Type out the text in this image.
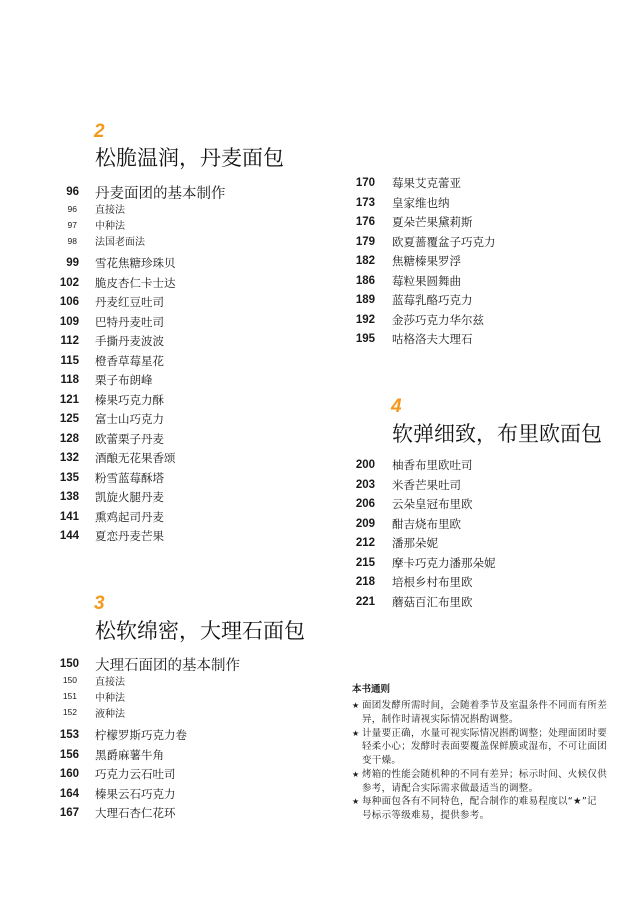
2
松脆温润，丹麦面包
96 丹麦面团的基本制作
96 直接法
97 中种法
98 法国老面法
99 雪花焦糖珍珠贝
102 脆皮杏仁卡士达
106 丹麦红豆吐司
109 巴特丹麦吐司
112 手撕丹麦波波
115 橙香草莓星花
118 栗子布朗峰
121 榛果巧克力酥
125 富士山巧克力
128 欧蕾栗子丹麦
132 酒酿无花果香颂
135 粉雪蓝莓酥塔
138 凯旋火腿丹麦
141 熏鸡起司丹麦
144 夏恋丹麦芒果
3
松软绵密，大理石面包
150 大理石面团的基本制作
150 直接法
151 中种法
152 液种法
153 柠檬罗斯巧克力卷
156 黑爵麻薯牛角
160 巧克力云石吐司
164 榛果云石巧克力
167 大理石杏仁花环
170 莓果艾克蕾亚
173 皇家维也纳
176 夏朵芒果黛莉斯
179 欧夏蔷覆盆子巧克力
182 焦糖榛果罗浮
186 莓粒果圆舞曲
189 蓝莓乳酪巧克力
192 金莎巧克力华尔兹
195 咕格洛夫大理石
4
软弹细致，布里欧面包
200 柚香布里欧吐司
203 米香芒果吐司
206 云朵皇冠布里欧
209 酣吉烧布里欧
212 潘那朵妮
215 摩卡巧克力潘那朵妮
218 培根乡村布里欧
221 蘑菇百汇布里欧
本书通则
★ 面团发酵所需时间，会随着季节及室温条件不同而有所差
异，制作时请视实际情况斟酌调整。
★ 计量要正确，水量可视实际情况斟酌调整；处理面团时要
轻柔小心；发酵时表面要覆盖保鲜膜或湿布，不可让面团
变干燥。
★ 烤箱的性能会随机种的不同有差异；标示时间、火候仅供
参考，请配合实际需求做最适当的调整。
★ 每种面包各有不同特色，配合制作的难易程度以“★”记
号标示等级难易，提供参考。
